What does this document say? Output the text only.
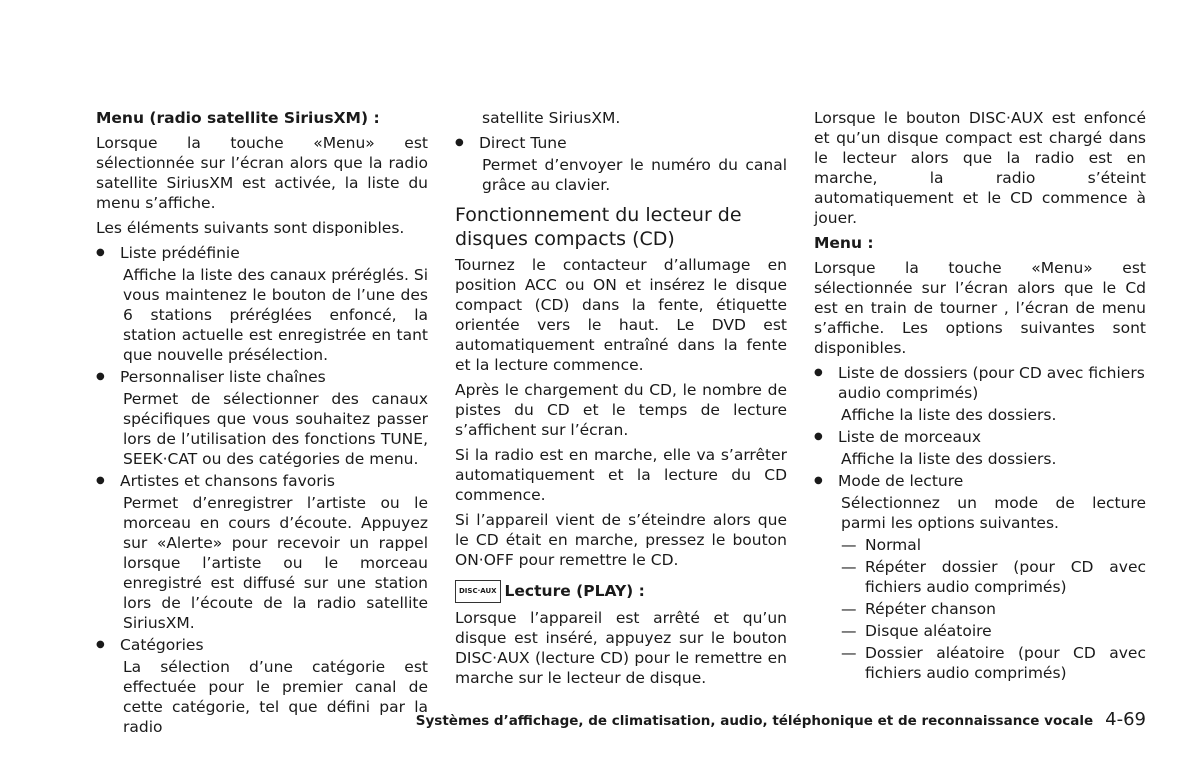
Menu (radio satellite SiriusXM) :

Lorsque la touche «Menu» est sélectionnée sur l’écran alors que la radio satellite SiriusXM est activée, la liste du menu s’affiche.

Les éléments suivants sont disponibles.

● Liste prédéfinie

Affiche la liste des canaux préréglés. Si vous maintenez le bouton de l’une des 6 stations préréglées enfoncé, la station actuelle est enregistrée en tant que nouvelle présélection.

● Personnaliser liste chaînes

Permet de sélectionner des canaux spécifiques que vous souhaitez passer lors de l’utilisation des fonctions TUNE, SEEK·CAT ou des catégories de menu.

● Artistes et chansons favoris

Permet d’enregistrer l’artiste ou le morceau en cours d’écoute. Appuyez sur «Alerte» pour recevoir un rappel lorsque l’artiste ou le morceau enregistré est diffusé sur une station lors de l’écoute de la radio satellite SiriusXM.

● Catégories

La sélection d’une catégorie est effectuée pour le premier canal de cette catégorie, tel que défini par la radio

satellite SiriusXM.

● Direct Tune

Permet d’envoyer le numéro du canal grâce au clavier.

Fonctionnement du lecteur de disques compacts (CD)

Tournez le contacteur d’allumage en position ACC ou ON et insérez le disque compact (CD) dans la fente, étiquette orientée vers le haut. Le DVD est automatiquement entraîné dans la fente et la lecture commence.

Après le chargement du CD, le nombre de pistes du CD et le temps de lecture s’affichent sur l’écran.

Si la radio est en marche, elle va s’arrêter automatiquement et la lecture du CD commence.

Si l’appareil vient de s’éteindre alors que le CD était en marche, pressez le bouton ON·OFF pour remettre le CD.

DISC·AUX Lecture (PLAY) :

Lorsque l’appareil est arrêté et qu’un disque est inséré, appuyez sur le bouton DISC·AUX (lecture CD) pour le remettre en marche sur le lecteur de disque.

Lorsque le bouton DISC·AUX est enfoncé et qu’un disque compact est chargé dans le lecteur alors que la radio est en marche, la radio s’éteint automatiquement et le CD commence à jouer.

Menu :

Lorsque la touche «Menu» est sélectionnée sur l’écran alors que le Cd est en train de tourner , l’écran de menu s’affiche. Les options suivantes sont disponibles.

● Liste de dossiers (pour CD avec fichiers audio comprimés)

Affiche la liste des dossiers.

● Liste de morceaux

Affiche la liste des dossiers.

● Mode de lecture

Sélectionnez un mode de lecture parmi les options suivantes.

— Normal
— Répéter dossier (pour CD avec fichiers audio comprimés)
— Répéter chanson
— Disque aléatoire
— Dossier aléatoire (pour CD avec fichiers audio comprimés)
Systèmes d’affichage, de climatisation, audio, téléphonique et de reconnaissance vocale 4-69
